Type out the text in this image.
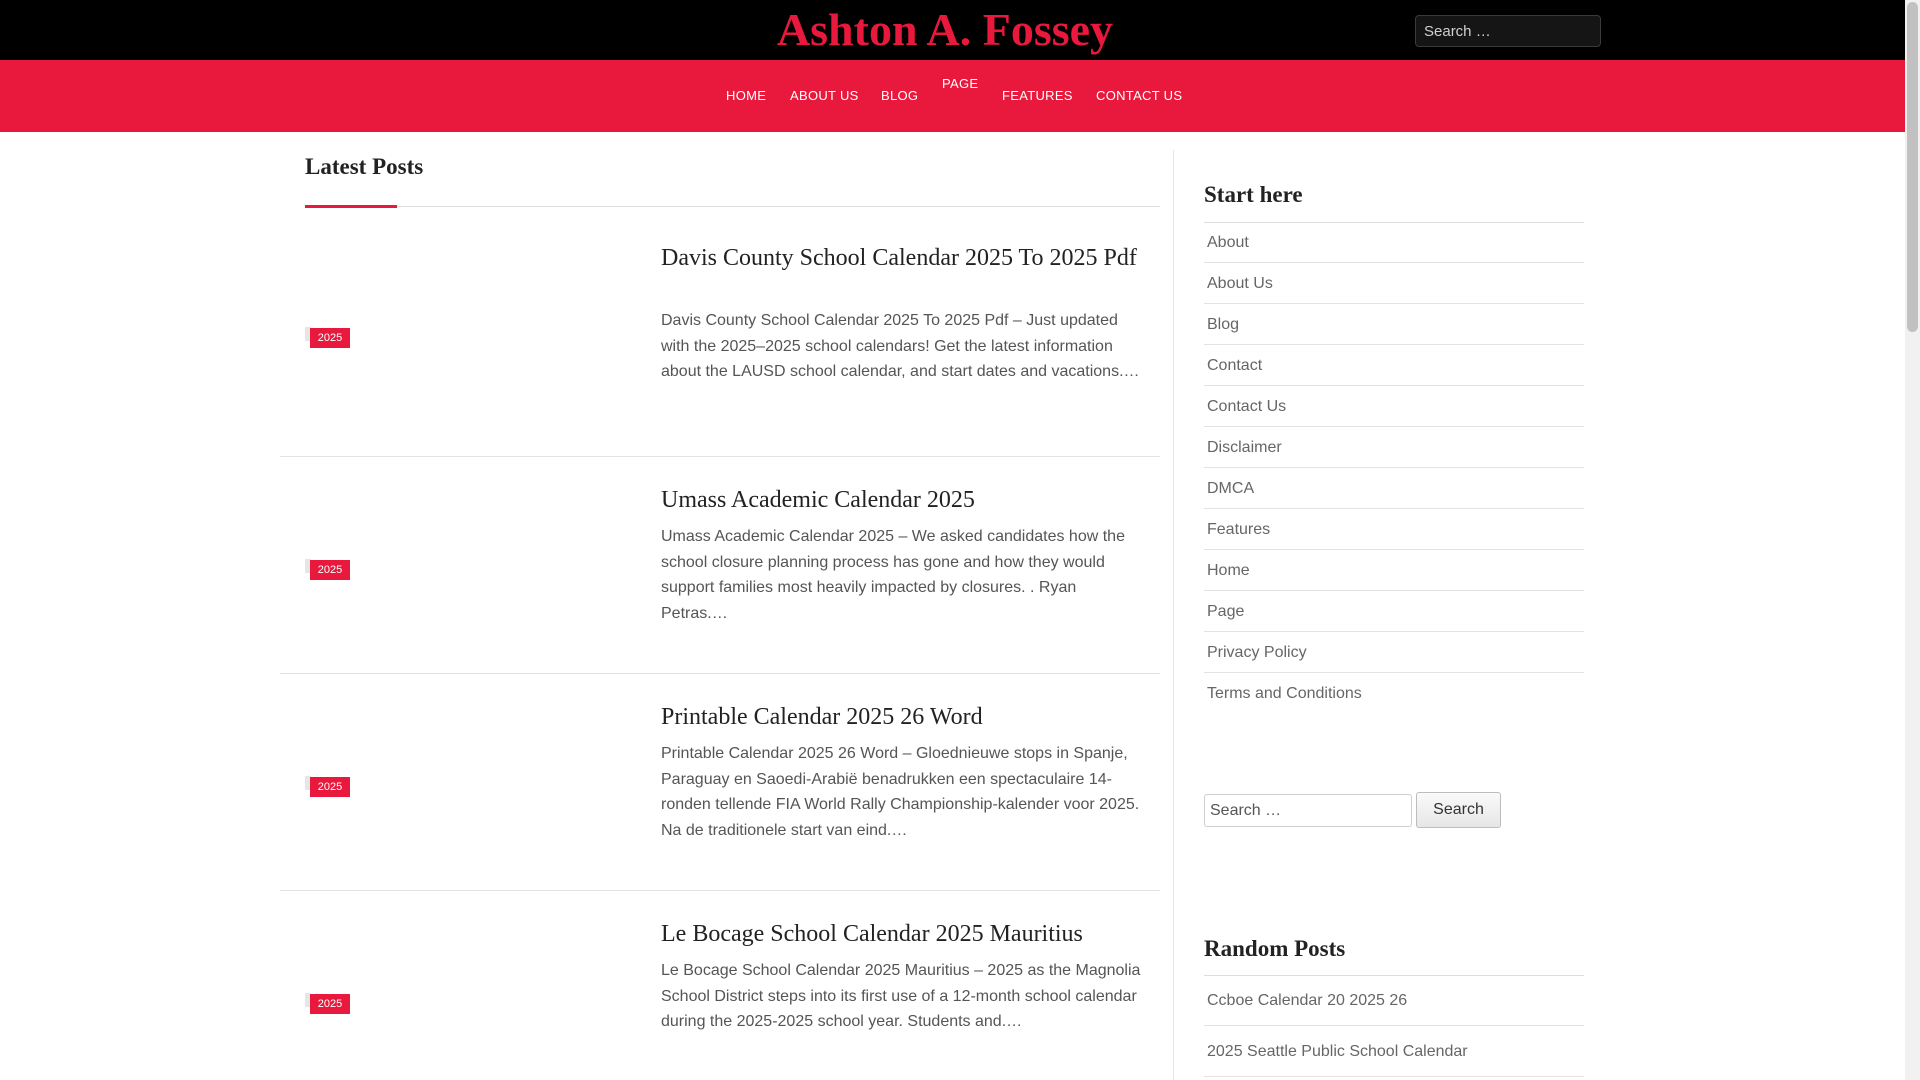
Ashton A. Fossey
Search …
HOME ABOUT US BLOG
PAGE
FEATURES CONTACT US
Latest Posts
2025
Davis County School Calendar 2025 To 2025 Pdf
Davis County School Calendar 2025 To 2025 Pdf – Just updated with the 2025–2025 school calendars! Get the latest information about the LAUSD school calendar, and start dates and vacations.…
2025
Umass Academic Calendar 2025
Umass Academic Calendar 2025 – We asked candidates how the school closure planning process has gone and how they would support families most heavily impacted by closures. . Ryan Petras.…
2025
Printable Calendar 2025 26 Word
Printable Calendar 2025 26 Word – Gloednieuwe stops in Spanje, Paraguay en Saoedi-Arabië benadrukken een spectaculaire 14-ronden tellende FIA World Rally Championship-kalender voor 2025. Na de traditionele start van eind.…
2025
Le Bocage School Calendar 2025 Mauritius
Le Bocage School Calendar 2025 Mauritius – 2025 as the Magnolia School District steps into its first use of a 12-month school calendar during the 2025-2025 school year. Students and.…
Start here
About
About Us
Blog
Contact
Contact Us
Disclaimer
DMCA
Features
Home
Page
Privacy Policy
Terms and Conditions
Search …
Search
Random Posts
Ccboe Calendar 20 2025 26
2025 Seattle Public School Calendar
